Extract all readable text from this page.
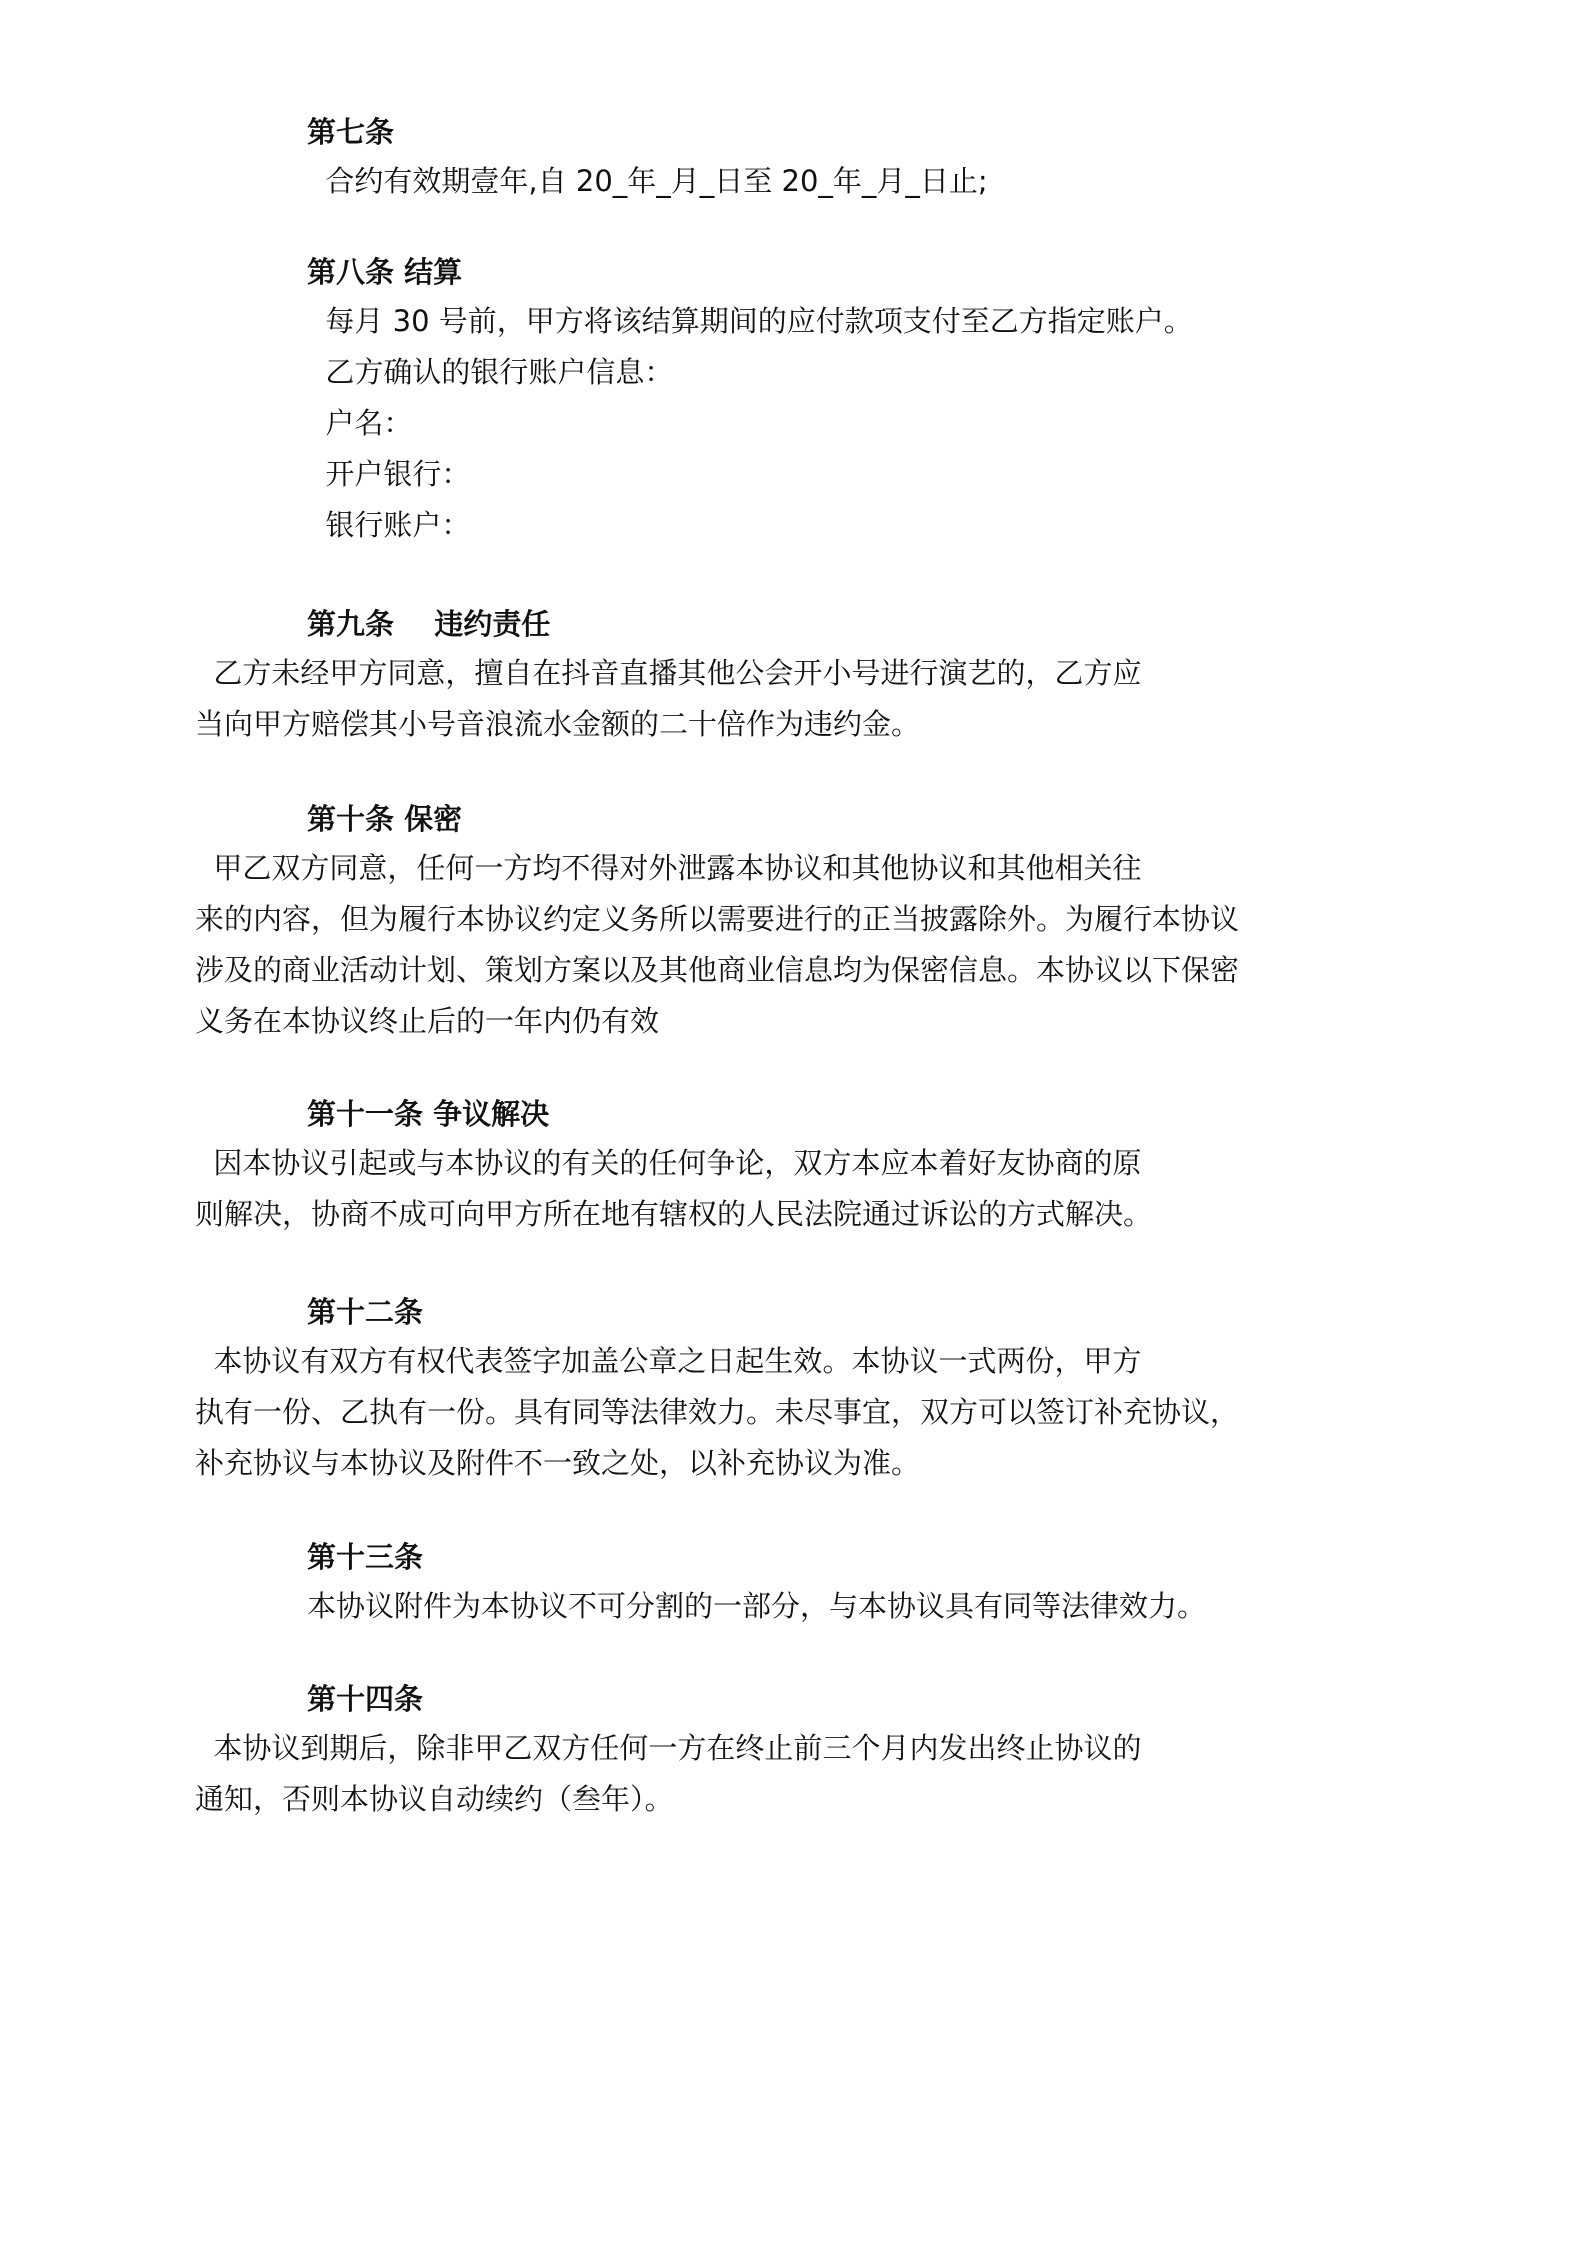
第七条
合约有效期壹年,自 20_年_月_日至 20_年_月_日止;
第八条 结算
每月 30 号前，甲方将该结算期间的应付款项支付至乙方指定账户。
乙方确认的银行账户信息：
户名：
开户银行：
银行账户：
第九条    违约责任
乙方未经甲方同意，擅自在抖音直播其他公会开小号进行演艺的，乙方应
当向甲方赔偿其小号音浪流水金额的二十倍作为违约金。
第十条 保密
甲乙双方同意，任何一方均不得对外泄露本协议和其他协议和其他相关往
来的内容，但为履行本协议约定义务所以需要进行的正当披露除外。为履行本协议
涉及的商业活动计划、策划方案以及其他商业信息均为保密信息。本协议以下保密
义务在本协议终止后的一年内仍有效
第十一条 争议解决
因本协议引起或与本协议的有关的任何争论，双方本应本着好友协商的原
则解决，协商不成可向甲方所在地有辖权的人民法院通过诉讼的方式解决。
第十二条
本协议有双方有权代表签字加盖公章之日起生效。本协议一式两份，甲方
执有一份、乙执有一份。具有同等法律效力。未尽事宜，双方可以签订补充协议，
补充协议与本协议及附件不一致之处，以补充协议为准。
第十三条
本协议附件为本协议不可分割的一部分，与本协议具有同等法律效力。
第十四条
本协议到期后，除非甲乙双方任何一方在终止前三个月内发出终止协议的
通知，否则本协议自动续约（叁年）。
